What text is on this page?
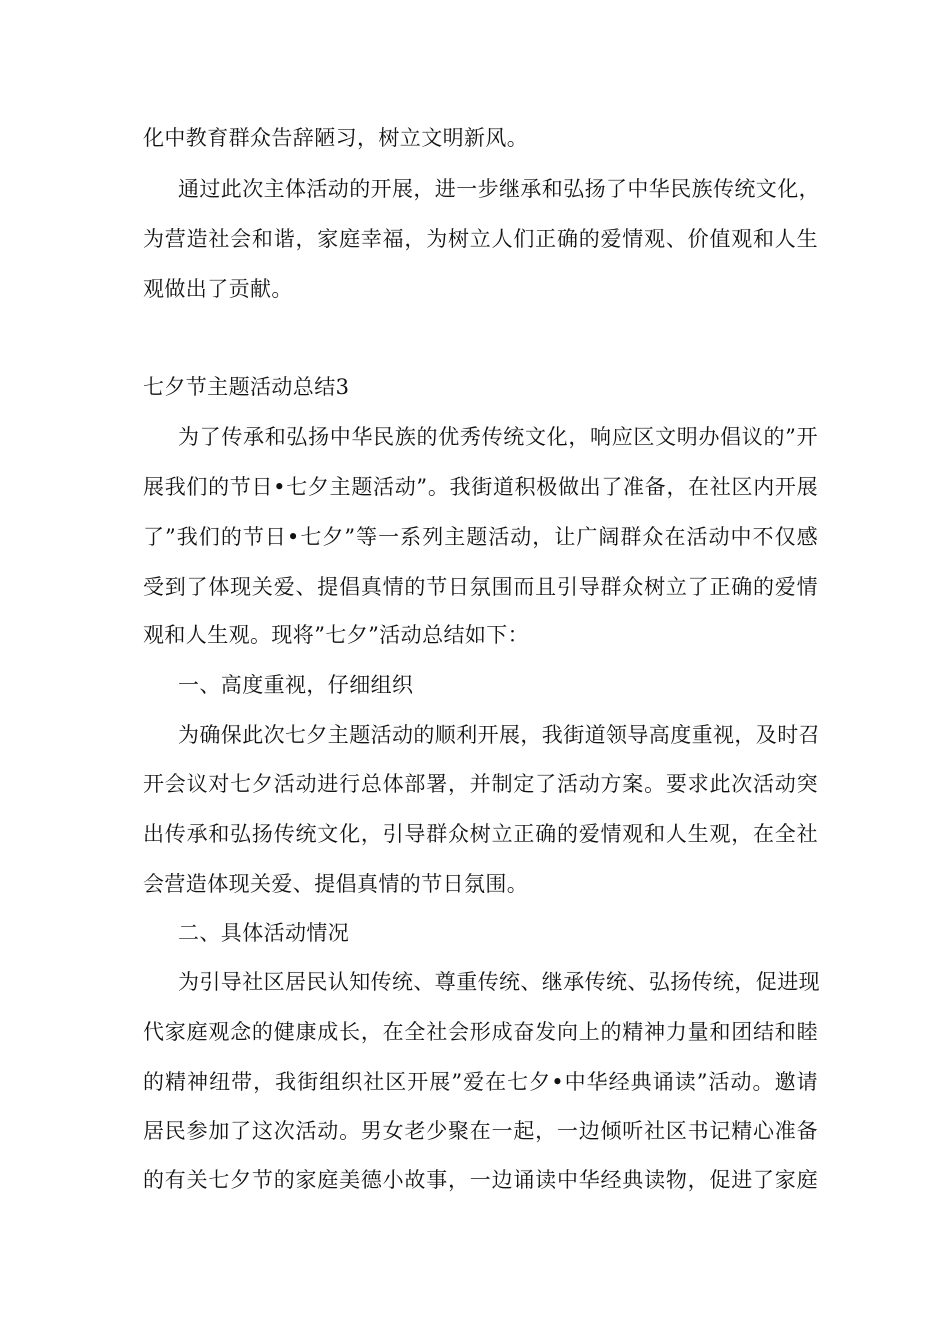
化中教育群众告辞陋习，树立文明新风。
通过此次主体活动的开展，进一步继承和弘扬了中华民族传统文化，
为营造社会和谐，家庭幸福，为树立人们正确的爱情观、价值观和人生
观做出了贡献。
七夕节主题活动总结3
为了传承和弘扬中华民族的优秀传统文化，响应区文明办倡议的”开
展我们的节日•七夕主题活动”。我街道积极做出了准备，在社区内开展
了”我们的节日•七夕”等一系列主题活动，让广阔群众在活动中不仅感
受到了体现关爱、提倡真情的节日氛围而且引导群众树立了正确的爱情
观和人生观。现将”七夕”活动总结如下：
一、高度重视，仔细组织
为确保此次七夕主题活动的顺利开展，我街道领导高度重视，及时召
开会议对七夕活动进行总体部署，并制定了活动方案。要求此次活动突
出传承和弘扬传统文化，引导群众树立正确的爱情观和人生观，在全社
会营造体现关爱、提倡真情的节日氛围。
二、具体活动情况
为引导社区居民认知传统、尊重传统、继承传统、弘扬传统，促进现
代家庭观念的健康成长，在全社会形成奋发向上的精神力量和团结和睦
的精神纽带，我街组织社区开展”爱在七夕•中华经典诵读”活动。邀请
居民参加了这次活动。男女老少聚在一起，一边倾听社区书记精心准备
的有关七夕节的家庭美德小故事，一边诵读中华经典读物，促进了家庭
